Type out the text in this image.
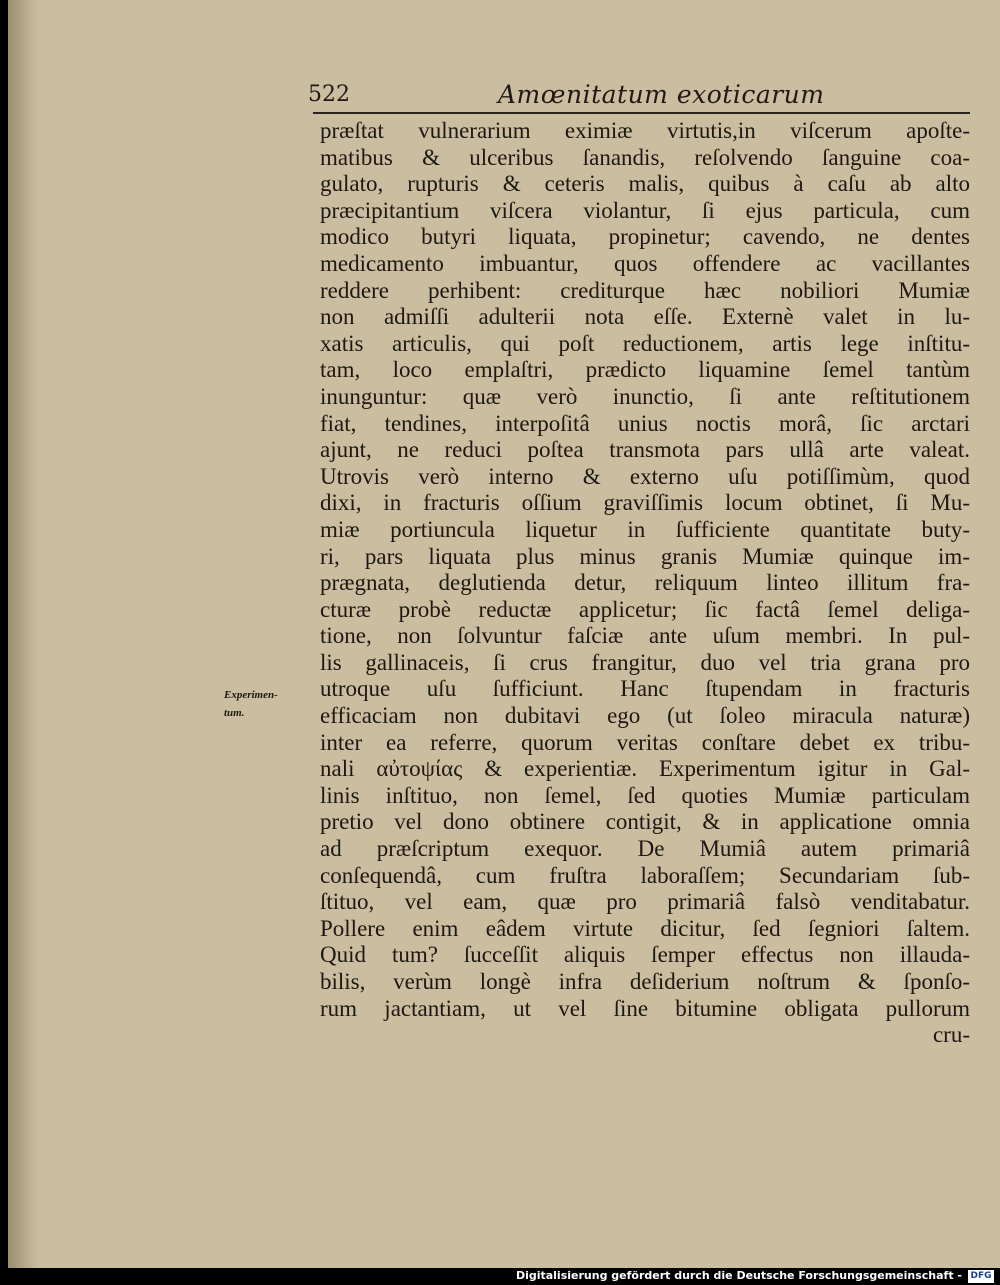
522	Amœnitatum exoticarum
Experimen-
tum.
præſtat vulnerarium eximiæ virtutis,in viſcerum apoſte-
matibus & ulceribus ſanandis, reſolvendo ſanguine coa-
gulato, rupturis & ceteris malis, quibus à caſu ab alto
præcipitantium viſcera violantur, ſi ejus particula, cum
modico butyri liquata, propinetur; cavendo, ne dentes
medicamento imbuantur, quos offendere ac vacillantes
reddere perhibent: crediturque hæc nobiliori Mumiæ
non admiſſi adulterii nota eſſe. Externè valet in lu-
xatis articulis, qui poſt reductionem, artis lege inſtitu-
tam, loco emplaſtri, prædicto liquamine ſemel tantùm
inunguntur: quæ verò inunctio, ſi ante reſtitutionem
fiat, tendines, interpoſitâ unius noctis morâ, ſic arctari
ajunt, ne reduci poſtea transmota pars ullâ arte valeat.
Utrovis verò interno & externo uſu potiſſimùm, quod
dixi, in fracturis oſſium graviſſimis locum obtinet, ſi Mu-
miæ portiuncula liquetur in ſufficiente quantitate buty-
ri, pars liquata plus minus granis Mumiæ quinque im-
prægnata, deglutienda detur, reliquum linteo illitum fra-
cturæ probè reductæ applicetur; ſic factâ ſemel deliga-
tione, non ſolvuntur faſciæ ante uſum membri. In pul-
lis gallinaceis, ſi crus frangitur, duo vel tria grana pro
utroque uſu ſufficiunt. Hanc ſtupendam in fracturis
efficaciam non dubitavi ego (ut ſoleo miracula naturæ)
inter ea referre, quorum veritas conſtare debet ex tribu-
nali αὐτοψίας & experientiæ. Experimentum igitur in Gal-
linis inſtituo, non ſemel, ſed quoties Mumiæ particulam
pretio vel dono obtinere contigit, & in applicatione omnia
ad præſcriptum exequor. De Mumiâ autem primariâ
conſequendâ, cum fruſtra laboraſſem; Secundariam ſub-
ſtituo, vel eam, quæ pro primariâ falsò venditabatur.
Pollere enim eâdem virtute dicitur, ſed ſegniori ſaltem.
Quid tum? ſucceſſit aliquis ſemper effectus non illauda-
bilis, verùm longè infra deſiderium noſtrum & ſponſo-
rum jactantiam, ut vel ſine bitumine obligata pullorum
cru-
Digitalisierung gefördert durch die Deutsche Forschungsgemeinschaft - DFG
